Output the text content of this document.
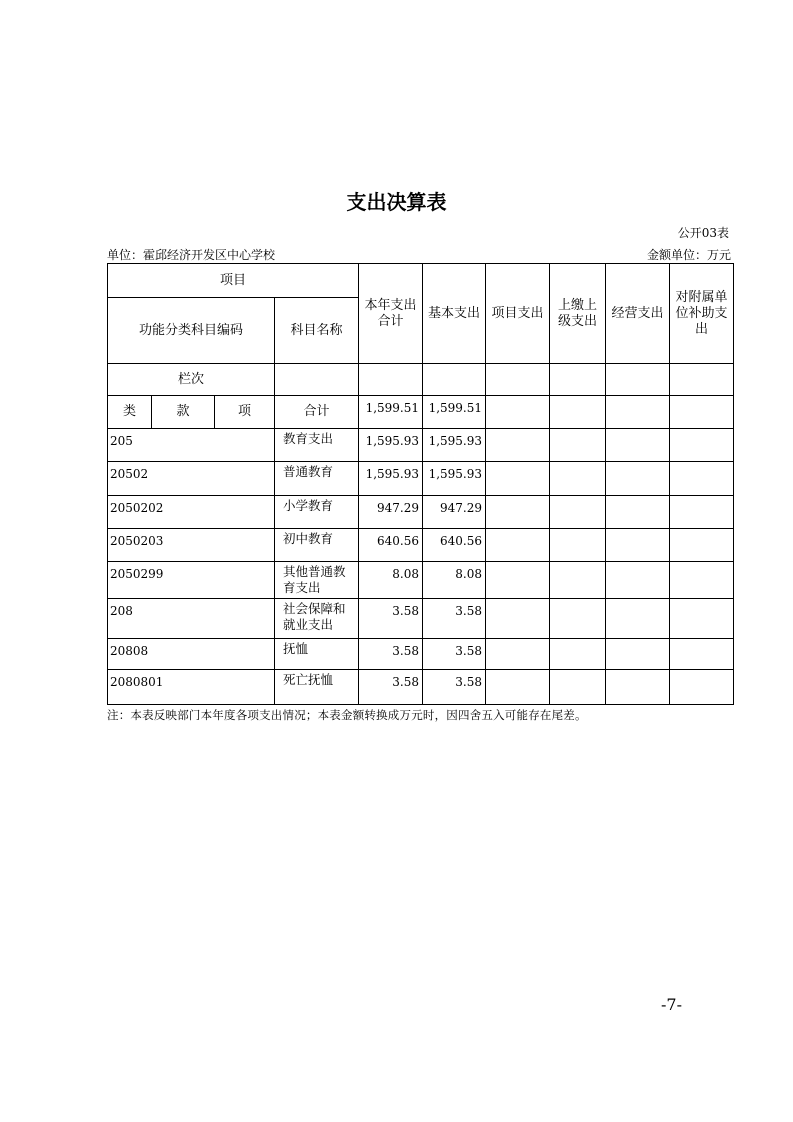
支出决算表
公开03表
单位：霍邱经济开发区中心学校	金额单位：万元
项目				本年支出合计	基本支出	项目支出	上缴上级支出	经营支出	对附属单位补助支出
功能分类科目编码			科目名称						
栏次									
类	款	项	合计	1,599.51	1,599.51				
205			教育支出	1,595.93	1,595.93				
20502			普通教育	1,595.93	1,595.93				
2050202			小学教育	947.29	947.29				
2050203			初中教育	640.56	640.56				
2050299			其他普通教育支出	8.08	8.08				
208			社会保障和就业支出	3.58	3.58				
20808			抚恤	3.58	3.58				
2080801			死亡抚恤	3.58	3.58				
注：本表反映部门本年度各项支出情况；本表金额转换成万元时，因四舍五入可能存在尾差。
-7-
